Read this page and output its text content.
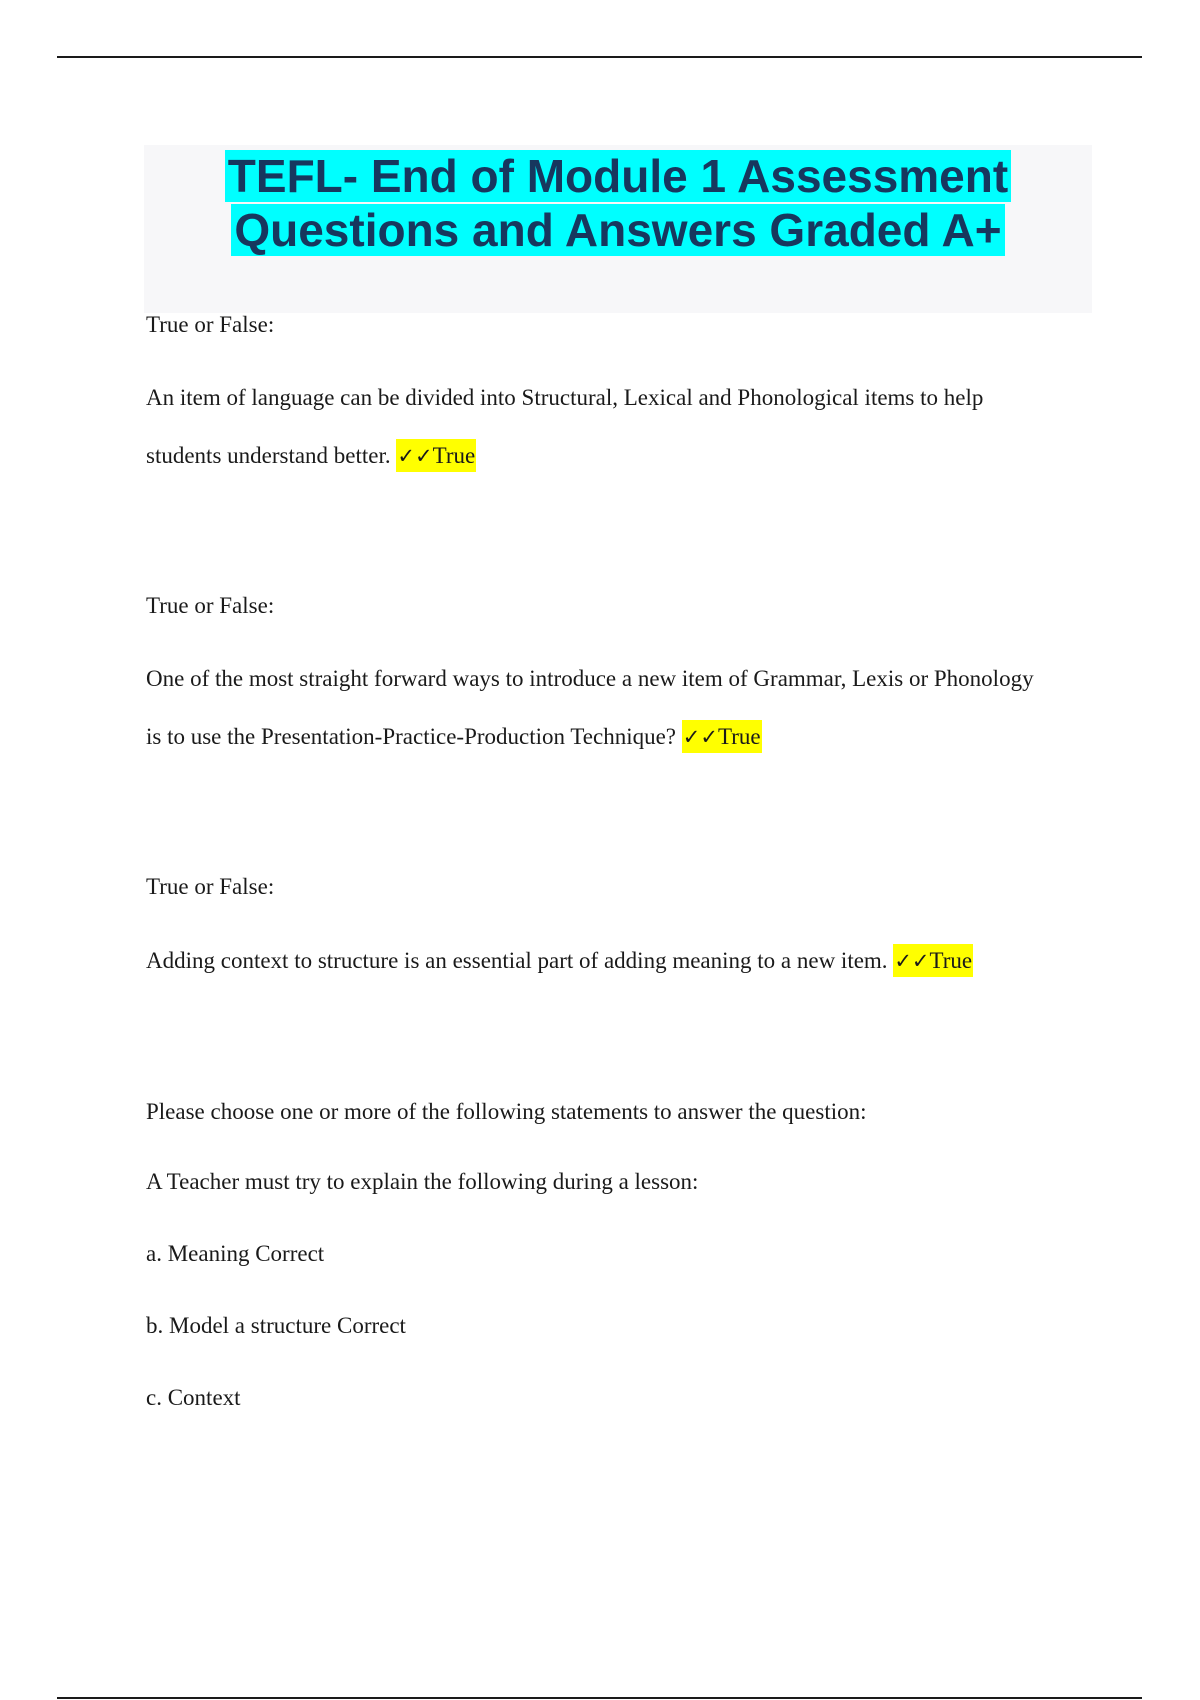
TEFL- End of Module 1 Assessment
Questions and Answers Graded A+
True or False:
An item of language can be divided into Structural, Lexical and Phonological items to help
students understand better. ✓✓True
True or False:
One of the most straight forward ways to introduce a new item of Grammar, Lexis or Phonology
is to use the Presentation-Practice-Production Technique? ✓✓True
True or False:
Adding context to structure is an essential part of adding meaning to a new item. ✓✓True
Please choose one or more of the following statements to answer the question:
A Teacher must try to explain the following during a lesson:
a. Meaning Correct
b. Model a structure Correct
c. Context
